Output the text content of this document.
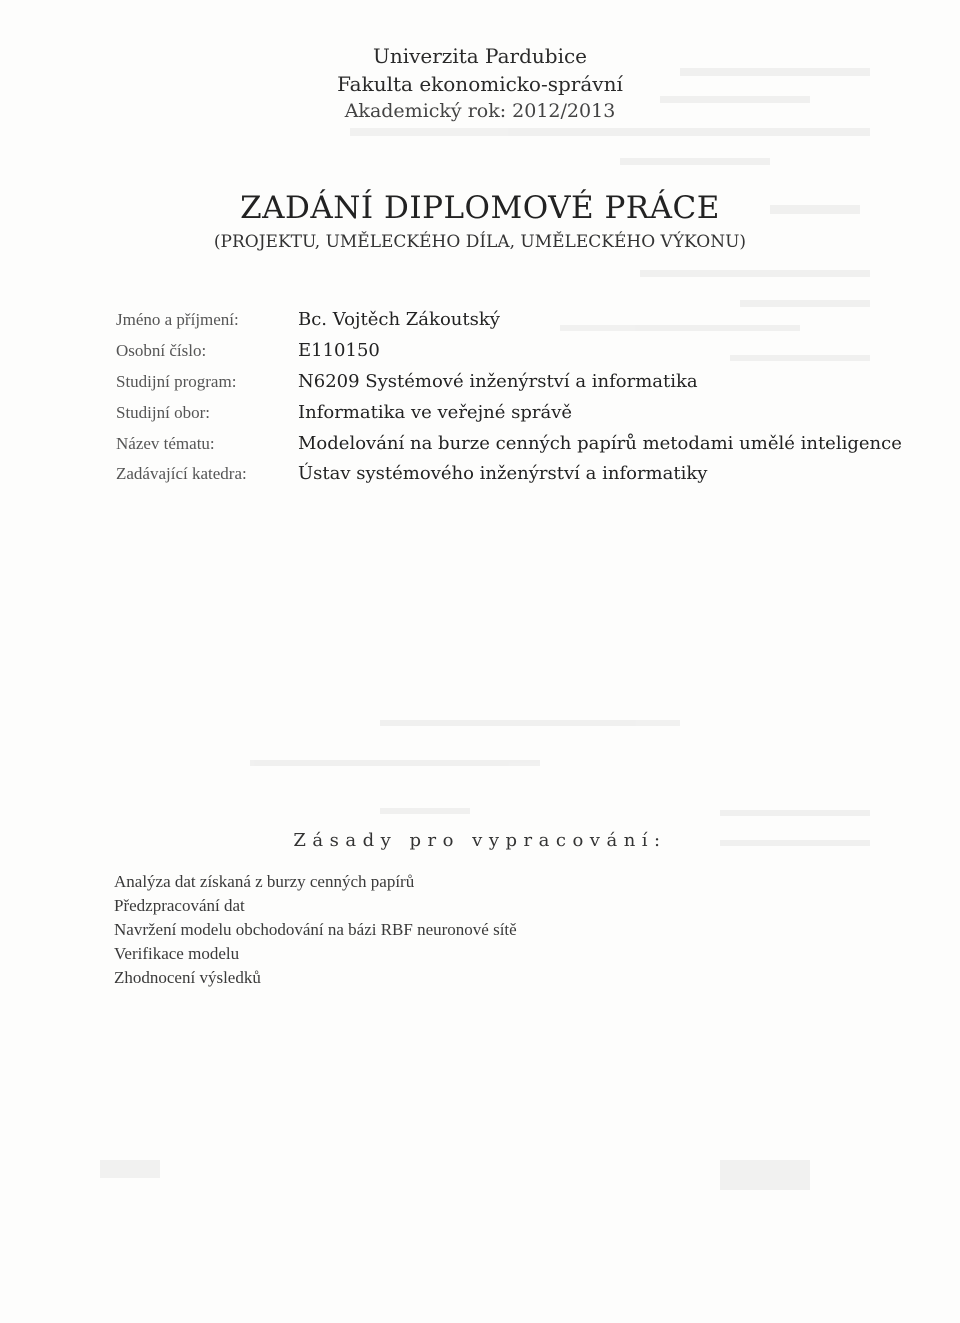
Univerzita Pardubice
Fakulta ekonomicko-správní
Akademický rok: 2012/2013
ZADÁNÍ DIPLOMOVÉ PRÁCE
(PROJEKTU, UMĚLECKÉHO DÍLA, UMĚLECKÉHO VÝKONU)
Jméno a příjmení:	Bc. Vojtěch Zákoutský
Osobní číslo:	E110150
Studijní program:	N6209 Systémové inženýrství a informatika
Studijní obor:	Informatika ve veřejné správě
Název tématu:	Modelování na burze cenných papírů metodami umělé inteligence
Zadávající katedra:	Ústav systémového inženýrství a informatiky
Zásady pro vypracování:
Analýza dat získaná z burzy cenných papírů
Předzpracování dat
Navržení modelu obchodování na bázi RBF neuronové sítě
Verifikace modelu
Zhodnocení výsledků
